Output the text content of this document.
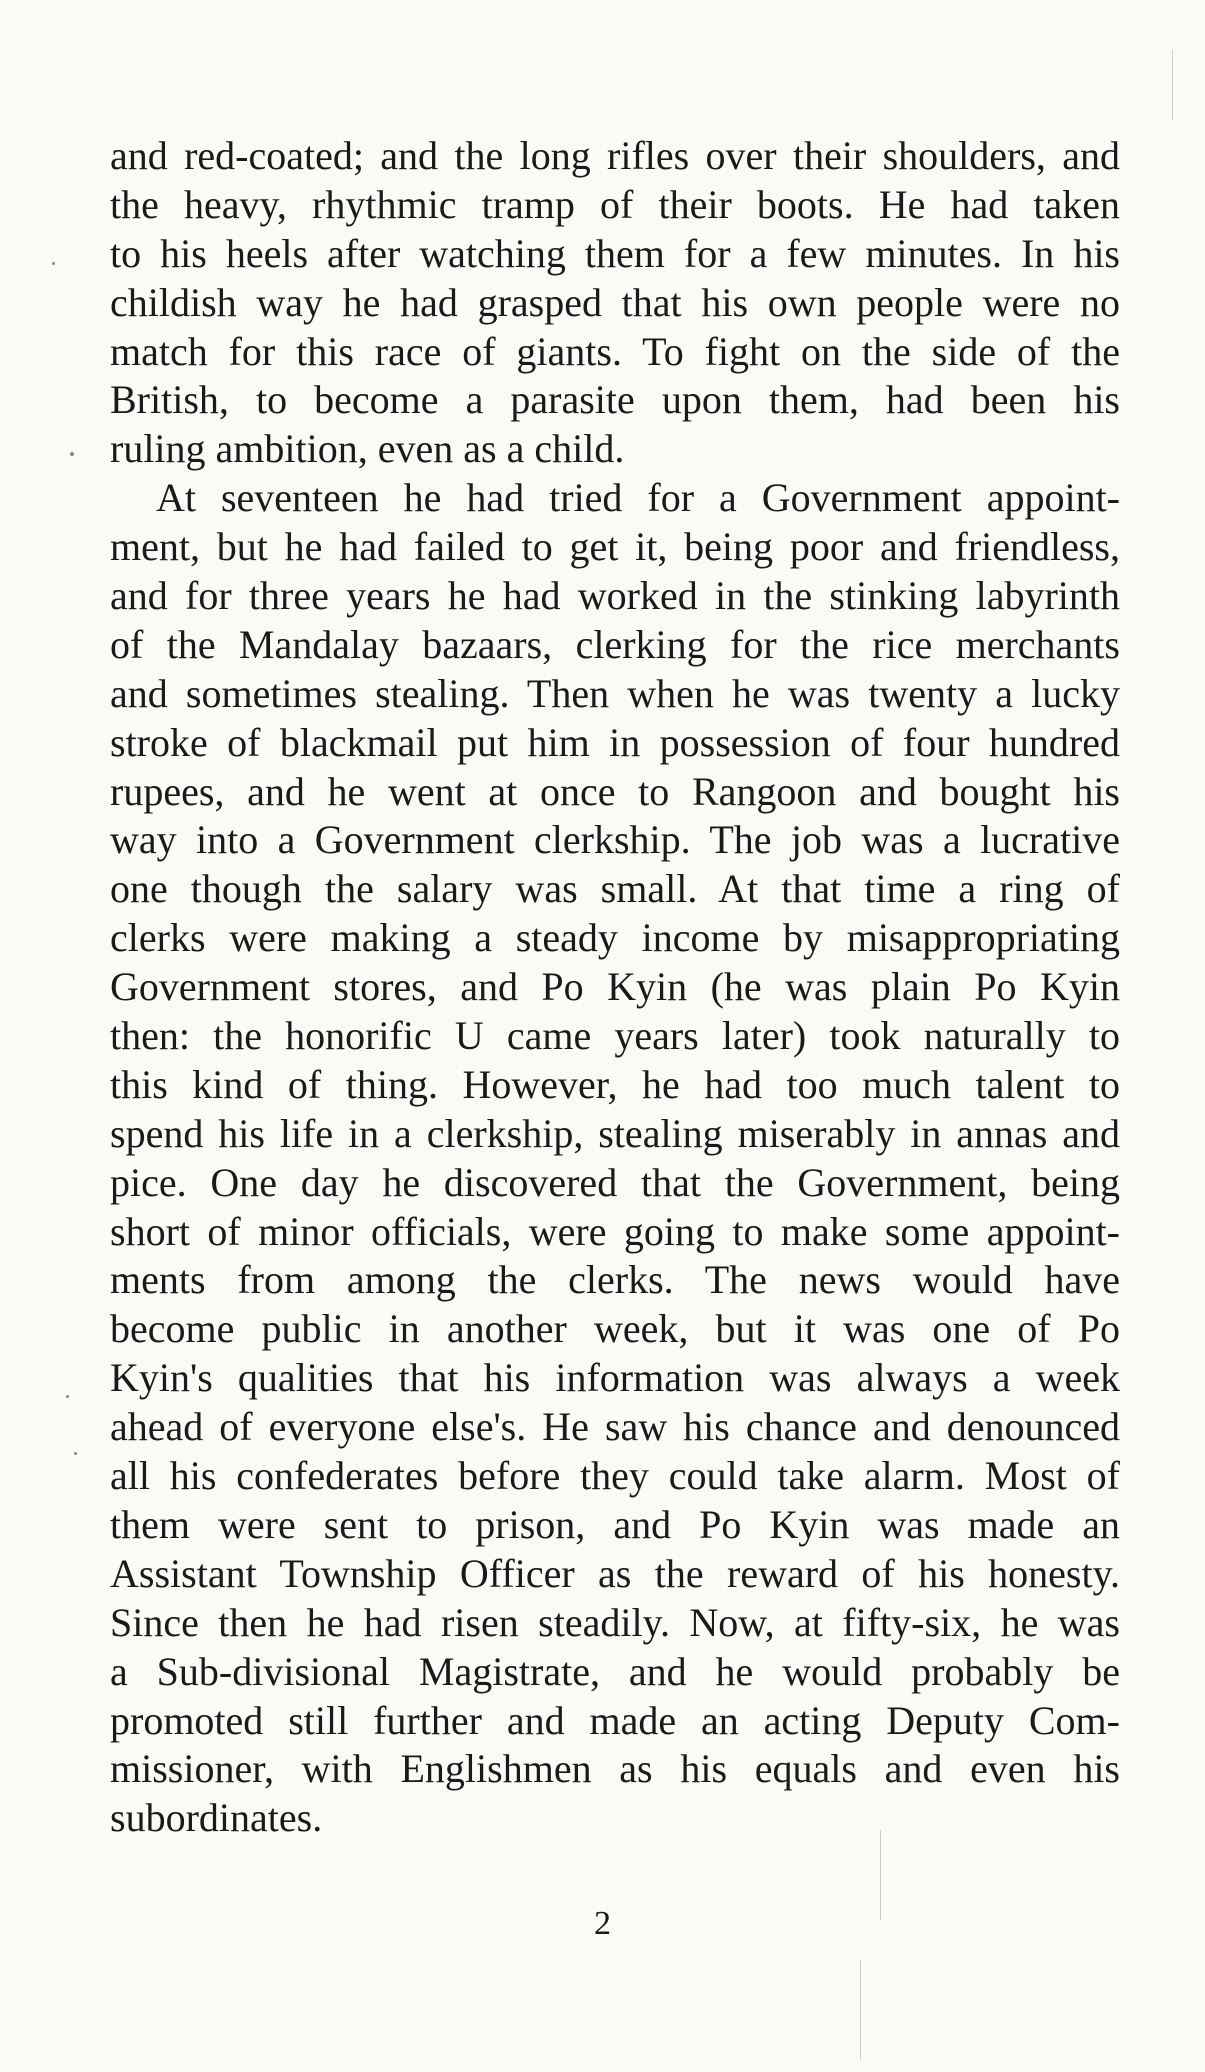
and red-coated; and the long rifles over their shoulders, and
the heavy, rhythmic tramp of their boots. He had taken
to his heels after watching them for a few minutes. In his
childish way he had grasped that his own people were no
match for this race of giants. To fight on the side of the
British, to become a parasite upon them, had been his
ruling ambition, even as a child.
At seventeen he had tried for a Government appoint-
ment, but he had failed to get it, being poor and friendless,
and for three years he had worked in the stinking labyrinth
of the Mandalay bazaars, clerking for the rice merchants
and sometimes stealing. Then when he was twenty a lucky
stroke of blackmail put him in possession of four hundred
rupees, and he went at once to Rangoon and bought his
way into a Government clerkship. The job was a lucrative
one though the salary was small. At that time a ring of
clerks were making a steady income by misappropriating
Government stores, and Po Kyin (he was plain Po Kyin
then: the honorific U came years later) took naturally to
this kind of thing. However, he had too much talent to
spend his life in a clerkship, stealing miserably in annas and
pice. One day he discovered that the Government, being
short of minor officials, were going to make some appoint-
ments from among the clerks. The news would have
become public in another week, but it was one of Po
Kyin's qualities that his information was always a week
ahead of everyone else's. He saw his chance and denounced
all his confederates before they could take alarm. Most of
them were sent to prison, and Po Kyin was made an
Assistant Township Officer as the reward of his honesty.
Since then he had risen steadily. Now, at fifty-six, he was
a Sub-divisional Magistrate, and he would probably be
promoted still further and made an acting Deputy Com-
missioner, with Englishmen as his equals and even his
subordinates.
2
